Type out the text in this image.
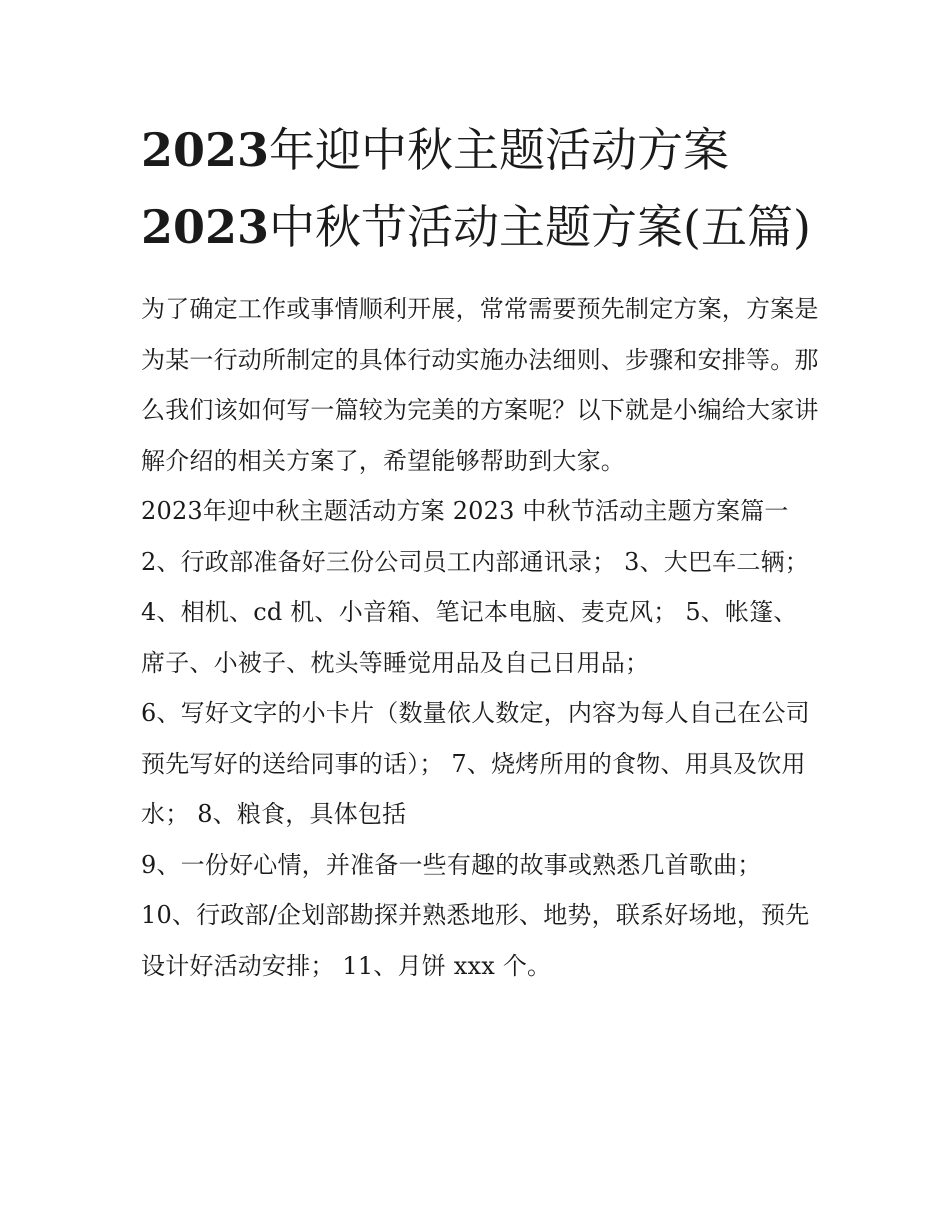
2023年迎中秋主题活动方案
2023中秋节活动主题方案(五篇)

为了确定工作或事情顺利开展，常常需要预先制定方案，方案是为某一行动所制定的具体行动实施办法细则、步骤和安排等。那么我们该如何写一篇较为完美的方案呢？以下就是小编给大家讲解介绍的相关方案了，希望能够帮助到大家。

2023年迎中秋主题活动方案 2023 中秋节活动主题方案篇一

2、行政部准备好三份公司员工内部通讯录； 3、大巴车二辆；

4、相机、cd 机、小音箱、笔记本电脑、麦克风； 5、帐篷、席子、小被子、枕头等睡觉用品及自己日用品；

6、写好文字的小卡片（数量依人数定，内容为每人自己在公司预先写好的送给同事的话）； 7、烧烤所用的食物、用具及饮用水； 8、粮食，具体包括

9、一份好心情，并准备一些有趣的故事或熟悉几首歌曲；

10、行政部/企划部勘探并熟悉地形、地势，联系好场地，预先设计好活动安排； 11、月饼 xxx 个。
